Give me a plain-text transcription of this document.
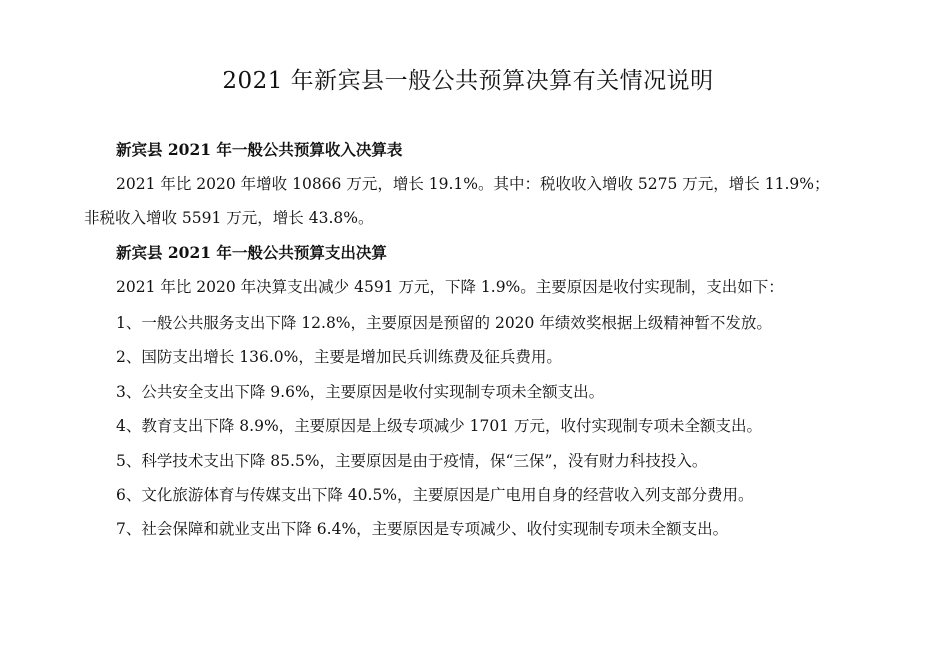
2021 年新宾县一般公共预算决算有关情况说明

新宾县 2021 年一般公共预算收入决算表

2021 年比 2020 年增收 10866 万元，增长 19.1%。其中：税收收入增收 5275 万元，增长 11.9%；

非税收入增收 5591 万元，增长 43.8%。

新宾县 2021 年一般公共预算支出决算

2021 年比 2020 年决算支出减少 4591 万元，下降 1.9%。主要原因是收付实现制，支出如下：

1、一般公共服务支出下降 12.8%，主要原因是预留的 2020 年绩效奖根据上级精神暂不发放。

2、国防支出增长 136.0%，主要是增加民兵训练费及征兵费用。

3、公共安全支出下降 9.6%，主要原因是收付实现制专项未全额支出。

4、教育支出下降 8.9%，主要原因是上级专项减少 1701 万元，收付实现制专项未全额支出。

5、科学技术支出下降 85.5%，主要原因是由于疫情，保“三保”，没有财力科技投入。

6、文化旅游体育与传媒支出下降 40.5%，主要原因是广电用自身的经营收入列支部分费用。

7、社会保障和就业支出下降 6.4%，主要原因是专项减少、收付实现制专项未全额支出。
